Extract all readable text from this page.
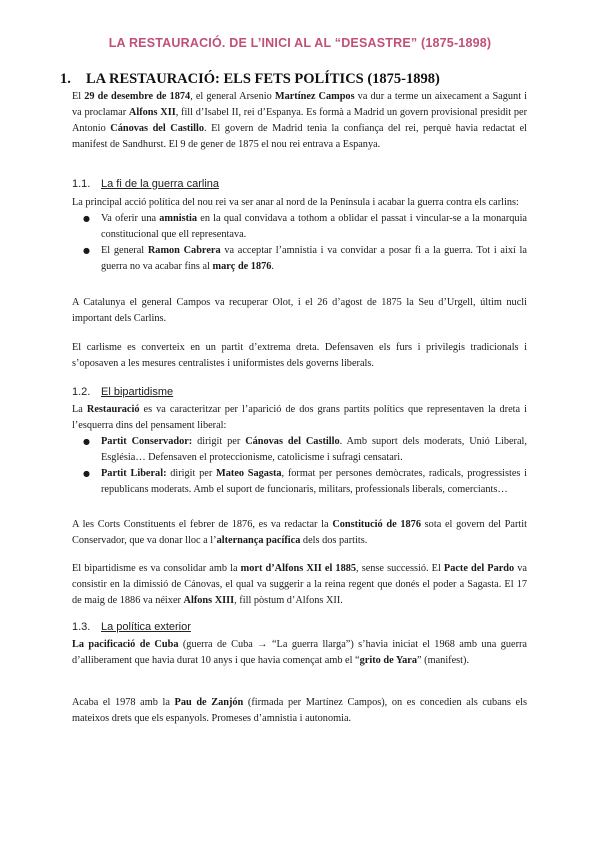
LA RESTAURACIÓ. DE L’INICI AL AL “DESASTRE” (1875-1898)
1. LA RESTAURACIÓ: ELS FETS POLÍTICS (1875-1898)

El 29 de desembre de 1874, el general Arsenio Martínez Campos va dur a terme un aixecament a Sagunt i va proclamar Alfons XII, fill d’Isabel II, rei d’Espanya. Es formà a Madrid un govern provisional presidit per Antonio Cánovas del Castillo. El govern de Madrid tenia la confiança del rei, perquè havia redactat el manifest de Sandhurst. El 9 de gener de 1875 el nou rei entrava a Espanya.

1.1. La fi de la guerra carlina
La principal acció política del nou rei va ser anar al nord de la Península i acabar la guerra contra els carlins:
● Va oferir una amnistia en la qual convidava a tothom a oblidar el passat i vincular-se a la monarquia constitucional que ell representava.
● El general Ramon Cabrera va acceptar l’amnistia i va convidar a posar fi a la guerra. Tot i així la guerra no va acabar fins al març de 1876.

A Catalunya el general Campos va recuperar Olot, i el 26 d’agost de 1875 la Seu d’Urgell, últim nucli important dels Carlins.

El carlisme es converteix en un partit d’extrema dreta. Defensaven els furs i privilegis tradicionals i s’oposaven a les mesures centralistes i uniformistes dels governs liberals.

1.2. El bipartidisme
La Restauració es va caracteritzar per l’aparició de dos grans partits polítics que representaven la dreta i l’esquerra dins del pensament liberal:
● Partit Conservador: dirigit per Cánovas del Castillo. Amb suport dels moderats, Unió Liberal, Església… Defensaven el proteccionisme, catolicisme i sufragi censatari.
● Partit Liberal: dirigit per Mateo Sagasta, format per persones demòcrates, radicals, progressistes i republicans moderats. Amb el suport de funcionaris, militars, professionals liberals, comerciants…

A les Corts Constituents el febrer de 1876, es va redactar la Constitució de 1876 sota el govern del Partit Conservador, que va donar lloc a l’alternança pacífica dels dos partits.

El bipartidisme es va consolidar amb la mort d’Alfons XII el 1885, sense successió. El Pacte del Pardo va consistir en la dimissió de Cánovas, el qual va suggerir a la reina regent que donés el poder a Sagasta. El 17 de maig de 1886 va néixer Alfons XIII, fill pòstum d’Alfons XII.

1.3. La política exterior

La pacificació de Cuba (guerra de Cuba → “La guerra llarga”) s’havia iniciat el 1968 amb una guerra d’alliberament que havia durat 10 anys i que havia començat amb el “grito de Yara” (manifest).

Acaba el 1978 amb la Pau de Zanjón (firmada per Martínez Campos), on es concedien als cubans els mateixos drets que els espanyols. Promeses d’amnistia i autonomia.
